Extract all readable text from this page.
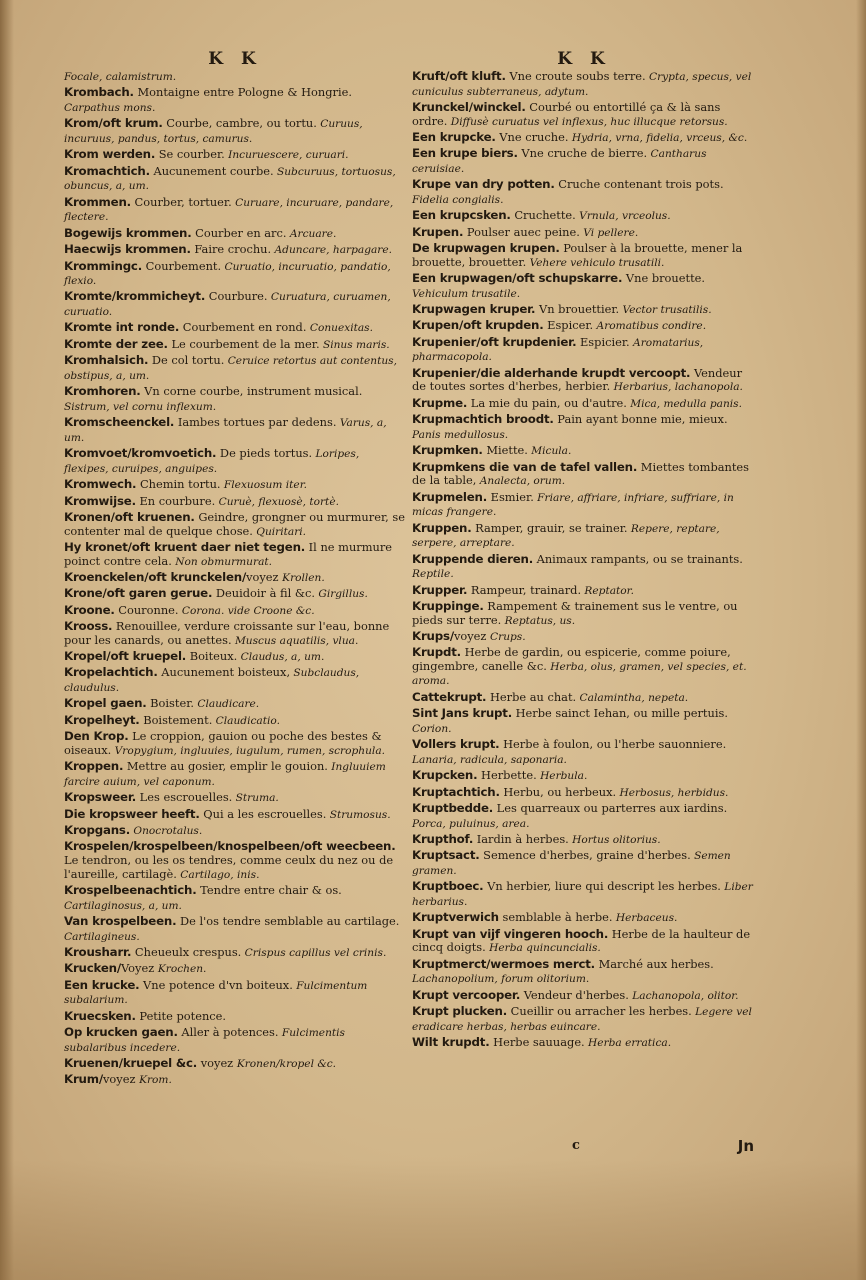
K K

Focale, calamistrum.

Krombach. Montaigne entre Pologne & Hongrie. Carpathus mons.

Krom/oft krum. Courbe, cambre, ou tortu. Curuus, incuruus, pandus, tortus, camurus.

Krom werden. Se courber. Incuruescere, curuari.

Kromachtich. Aucunement courbe. Subcuruus, tortuosus, obuncus, a, um.

Krommen. Courber, tortuer. Curuare, incuruare, pandare, flectere.

Bogewijs krommen. Courber en arc. Arcuare.

Haecwijs krommen. Faire crochu. Aduncare, harpagare.

Krommingc. Courbement. Curuatio, incuruatio, pandatio, flexio.

Kromte/krommicheyt. Courbure. Curuatura, curuamen, curuatio.

Kromte int ronde. Courbement en rond. Conuexitas.

Kromte der zee. Le courbement de la mer. Sinus maris.

Kromhalsich. De col tortu. Ceruice retortus aut contentus, obstipus, a, um.

Kromhoren. Vn corne courbe, instrument musical. Sistrum, vel cornu inflexum.

Kromscheenckel. Iambes tortues par dedens. Varus, a, um.

Kromvoet/kromvoetich. De pieds tortus. Loripes, flexipes, curuipes, anguipes.

Kromwech. Chemin tortu. Flexuosum iter.

Kromwijse. En courbure. Curuè, flexuosè, tortè.

Kronen/oft kruenen. Geindre, grongner ou murmurer, se contenter mal de quelque chose. Quiritari.

Hy kronet/oft kruent daer niet tegen. Il ne murmure poinct contre cela. Non obmurmurat.

Kroenckelen/oft krunckelen/voyez Krollen.

Krone/oft garen gerue. Deuidoir à fil &c. Girgillus.

Kroone. Couronne. Corona. vide Croone &c.

Krooss. Renouillee, verdure croissante sur l'eau, bonne pour les canards, ou anettes. Muscus aquatilis, vlua.

Kropel/oft kruepel. Boiteux. Claudus, a, um.

Kropelachtich. Aucunement boisteux, Subclaudus, claudulus.

Kropel gaen. Boister. Claudicare.

Kropelheyt. Boistement. Claudicatio.

Den Krop. Le croppion, gauion ou poche des bestes & oiseaux. Vropygium, ingluuies, iugulum, rumen, scrophula.

Kroppen. Mettre au gosier, emplir le gouion. Ingluuiem farcire auium, vel caponum.

Kropsweer. Les escrouelles. Struma.

Die kropsweer heeft. Qui a les escrouelles. Strumosus.

Kropgans. Onocrotalus.

Krospelen/krospelbeen/knospelbeen/oft weecbeen. Le tendron, ou les os tendres, comme ceulx du nez ou de l'aureille, cartilagè. Cartilago, inis.

Krospelbeenachtich. Tendre entre chair & os. Cartilaginosus, a, um.

Van krospelbeen. De l'os tendre semblable au cartilage. Cartilagineus.

Krousharr. Cheueulx crespus. Crispus capillus vel crinis.

Krucken/Voyez Krochen.

Een krucke. Vne potence d'vn boiteux. Fulcimentum subalarium.

Kruecsken. Petite potence.

Op krucken gaen. Aller à potences. Fulcimentis subalaribus incedere.

Kruenen/kruepel &c. voyez Kronen/kropel &c.

Krum/voyez Krom.

K K

Kruft/oft kluft. Vne croute soubs terre. Crypta, specus, vel cuniculus subterraneus, adytum.

Krunckel/winckel. Courbé ou entortillé ça & là sans ordre. Diffusè curuatus vel inflexus, huc illucque retorsus.

Een krupcke. Vne cruche. Hydria, vrna, fidelia, vrceus, &c.

Een krupe biers. Vne cruche de bierre. Cantharus ceruisiae.

Krupe van dry potten. Cruche contenant trois pots. Fidelia congialis.

Een krupcsken. Cruchette. Vrnula, vrceolus.

Krupen. Poulser auec peine. Vi pellere.

De krupwagen krupen. Poulser à la brouette, mener la brouette, brouetter. Vehere vehiculo trusatili.

Een krupwagen/oft schupskarre. Vne brouette. Vehiculum trusatile.

Krupwagen kruper. Vn brouettier. Vector trusatilis.

Krupen/oft krupden. Espicer. Aromatibus condire.

Krupenier/oft krupdenier. Espicier. Aromatarius, pharmacopola.

Krupenier/die alderhande krupdt vercoopt. Vendeur de toutes sortes d'herbes, herbier. Herbarius, lachanopola.

Krupme. La mie du pain, ou d'autre. Mica, medulla panis.

Krupmachtich broodt. Pain ayant bonne mie, mieux. Panis medullosus.

Krupmken. Miette. Micula.

Krupmkens die van de tafel vallen. Miettes tombantes de la table, Analecta, orum.

Krupmelen. Esmier. Friare, affriare, infriare, suffriare, in micas frangere.

Kruppen. Ramper, grauir, se trainer. Repere, reptare, serpere, arreptare.

Kruppende dieren. Animaux rampants, ou se trainants. Reptile.

Krupper. Rampeur, trainard. Reptator.

Kruppinge. Rampement & trainement sus le ventre, ou pieds sur terre. Reptatus, us.

Krups/voyez Crups.

Krupdt. Herbe de gardin, ou espicerie, comme poiure, gingembre, canelle &c. Herba, olus, gramen, vel species, et. aroma.

Cattekrupt. Herbe au chat. Calamintha, nepeta.

Sint Jans krupt. Herbe sainct Iehan, ou mille pertuis. Corion.

Vollers krupt. Herbe à foulon, ou l'herbe sauonniere. Lanaria, radicula, saponaria.

Krupcken. Herbette. Herbula.

Kruptachtich. Herbu, ou herbeux. Herbosus, herbidus.

Kruptbedde. Les quarreaux ou parterres aux iardins. Porca, puluinus, area.

Krupthof. Iardin à herbes. Hortus olitorius.

Kruptsact. Semence d'herbes, graine d'herbes. Semen gramen.

Kruptboec. Vn herbier, liure qui descript les herbes. Liber herbarius.

Kruptverwich semblable à herbe. Herbaceus.

Krupt van vijf vingeren hooch. Herbe de la haulteur de cincq doigts. Herba quincuncialis.

Kruptmerct/wermoes merct. Marché aux herbes. Lachanopolium, forum olitorium.

Krupt vercooper. Vendeur d'herbes. Lachanopola, olitor.

Krupt plucken. Cueillir ou arracher les herbes. Legere vel eradicare herbas, herbas euincare.

Wilt krupdt. Herbe sauuage. Herba erratica.

c	Jn
